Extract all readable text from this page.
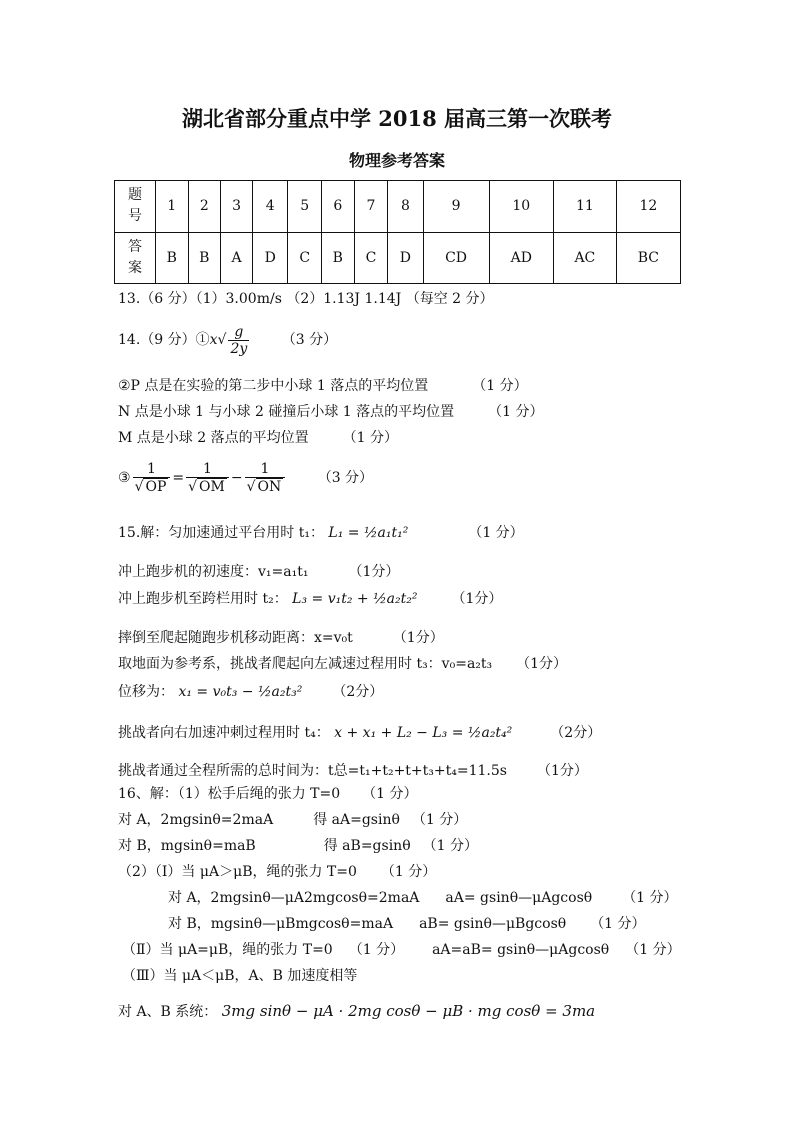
湖北省部分重点中学 2018 届高三第一次联考
物理参考答案
题
号	1	2	3	4	5	6	7	8	9	10	11	12
答
案	B	B	A	D	C	B	C	D	CD	AD	AC	BC
13.（6 分）（1）3.00m/s （2）1.13J 1.14J （每空 2 分）
14.（9 分）①x√ $\frac{g}{2y} (3$ 分）
②P 点是在实验的第二步中小球 1 落点的平均位置	（1 分）
N 点是小球 1 与小球 2 碰撞后小球 1 落点的平均位置 （1 分）
M 点是小球 2 落点的平均位置 （1 分）
③ $\frac{1}{√ OP} = \frac{1}{√ OM} - \frac{1}{√ ON} (3$ 分）
15.解：匀加速通过平台用时 t₁： L₁ = ½a₁t₁²	（1 分）
冲上跑步机的初速度：v₁=a₁t₁	（1分）
冲上跑步机至跨栏用时 t₂： L₃ = v₁t₂ + ½a₂t₂² （1分）
摔倒至爬起随跑步机移动距离：x=v₀t	（1分）
取地面为参考系，挑战者爬起向左减速过程用时 t₃：v₀=a₂t₃ （1分）
位移为： x₁ = v₀t₃ − ½a₂t₃² （2分）
挑战者向右加速冲刺过程用时 t₄： x + x₁ + L₂ − L₃ = ½a₂t₄²	（2分）
挑战者通过全程所需的总时间为：t总=t₁+t₂+t+t₃+t₄=11.5s （1分）
16、解：（1）松手后绳的张力 T=0 （1 分）
对 A，2mgsinθ=2maA	得 aA=gsinθ （1 分）
对 B，mgsinθ=maB	得 aB=gsinθ （1 分）
（2）（Ⅰ）当 μA＞μB，绳的张力 T=0 （1 分）
对 A，2mgsinθ—μA2mgcosθ=2maA aA= gsinθ—μAgcosθ （1 分）
对 B，mgsinθ—μBmgcosθ=maA aB= gsinθ—μBgcosθ （1 分）
（Ⅱ）当 μA=μB，绳的张力 T=0 （1 分） aA=aB= gsinθ—μAgcosθ （1 分）
（Ⅲ）当 μA＜μB，A、B 加速度相等
对 A、B 系统： 3mg sinθ − μA · 2mg cosθ − μB · mg cosθ = 3ma
